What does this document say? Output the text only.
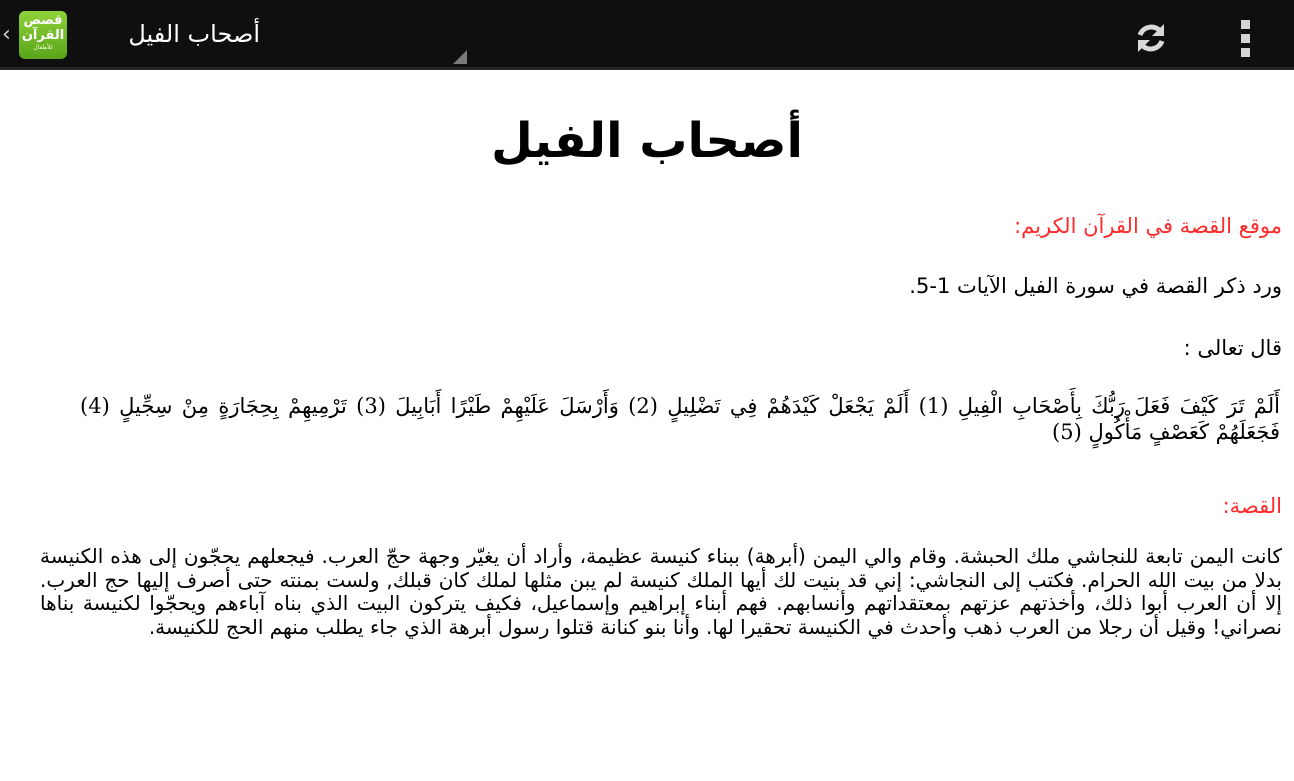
‹
قصص
القرآن
للأطفال	أصحاب الفيل
أصحاب الفيل
موقع القصة في القرآن الكريم:
ورد ذكر القصة في سورة الفيل الآيات 1-5.
قال تعالى :
أَلَمْ تَرَ كَيْفَ فَعَلَ رَبُّكَ بِأَصْحَابِ الْفِيلِ (1) أَلَمْ يَجْعَلْ كَيْدَهُمْ فِي تَضْلِيلٍ (2) وَأَرْسَلَ عَلَيْهِمْ طَيْرًا أَبَابِيلَ (3) تَرْمِيهِمْ بِحِجَارَةٍ مِنْ سِجِّيلٍ (4) فَجَعَلَهُمْ كَعَصْفٍ مَأْكُولٍ (5)
القصة:
كانت اليمن تابعة للنجاشي ملك الحبشة. وقام والي اليمن (أبرهة) ببناء كنيسة عظيمة، وأراد أن يغيّر وجهة حجّ العرب. فيجعلهم يحجّون إلى هذه الكنيسة بدلا من بيت الله الحرام. فكتب إلى النجاشي: إني قد بنيت لك أيها الملك كنيسة لم يبن مثلها لملك كان قبلك, ولست بمنته حتى أصرف إليها حج العرب. إلا أن العرب أبوا ذلك، وأخذتهم عزتهم بمعتقداتهم وأنسابهم. فهم أبناء إبراهيم وإسماعيل، فكيف يتركون البيت الذي بناه آباءهم ويحجّوا لكنيسة بناها نصراني! وقيل أن رجلا من العرب ذهب وأحدث في الكنيسة تحقيرا لها. وأنا بنو كنانة قتلوا رسول أبرهة الذي جاء يطلب منهم الحج للكنيسة.
